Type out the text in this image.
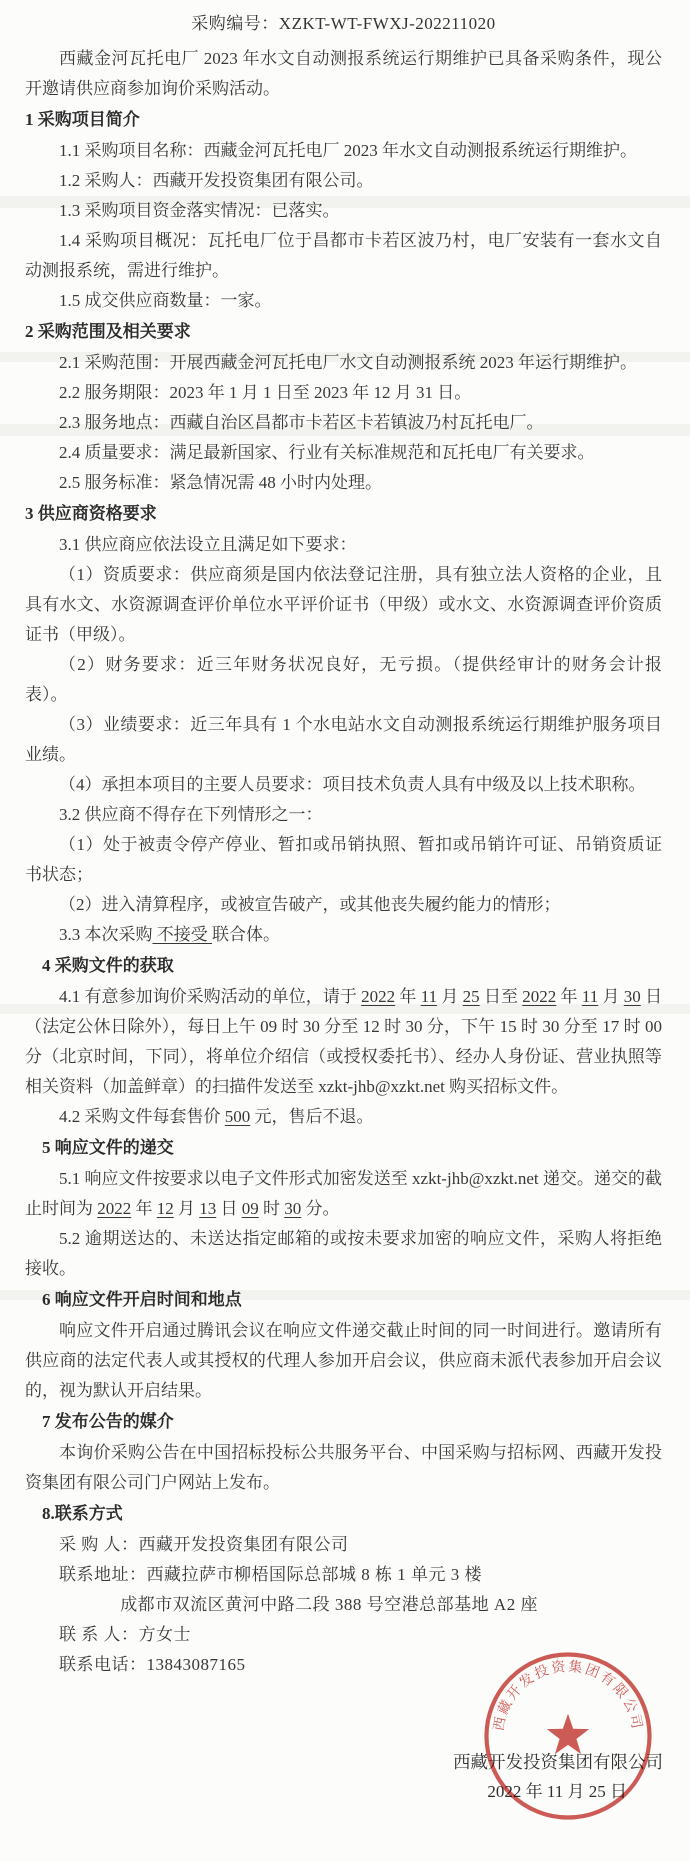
采购编号：XZKT-WT-FWXJ-202211020
西藏金河瓦托电厂 2023 年水文自动测报系统运行期维护已具备采购条件，现公开邀请供应商参加询价采购活动。
1 采购项目简介
1.1 采购项目名称：西藏金河瓦托电厂 2023 年水文自动测报系统运行期维护。
1.2 采购人：西藏开发投资集团有限公司。
1.3 采购项目资金落实情况：已落实。
1.4 采购项目概况：瓦托电厂位于昌都市卡若区波乃村，电厂安装有一套水文自动测报系统，需进行维护。
1.5 成交供应商数量：一家。
2 采购范围及相关要求
2.1 采购范围：开展西藏金河瓦托电厂水文自动测报系统 2023 年运行期维护。
2.2 服务期限：2023 年 1 月 1 日至 2023 年 12 月 31 日。
2.3 服务地点：西藏自治区昌都市卡若区卡若镇波乃村瓦托电厂。
2.4 质量要求：满足最新国家、行业有关标准规范和瓦托电厂有关要求。
2.5 服务标准：紧急情况需 48 小时内处理。
3 供应商资格要求
3.1 供应商应依法设立且满足如下要求：
（1）资质要求：供应商须是国内依法登记注册，具有独立法人资格的企业，且具有水文、水资源调查评价单位水平评价证书（甲级）或水文、水资源调查评价资质证书（甲级）。
（2）财务要求：近三年财务状况良好，无亏损。（提供经审计的财务会计报表）。
（3）业绩要求：近三年具有 1 个水电站水文自动测报系统运行期维护服务项目业绩。
（4）承担本项目的主要人员要求：项目技术负责人具有中级及以上技术职称。
3.2 供应商不得存在下列情形之一：
（1）处于被责令停产停业、暂扣或吊销执照、暂扣或吊销许可证、吊销资质证书状态；
（2）进入清算程序，或被宣告破产，或其他丧失履约能力的情形；
3.3 本次采购 不接受 联合体。
4 采购文件的获取
4.1 有意参加询价采购活动的单位，请于 2022 年 11 月 25 日至 2022 年 11 月 30 日（法定公休日除外），每日上午 09 时 30 分至 12 时 30 分，下午 15 时 30 分至 17 时 00 分（北京时间，下同），将单位介绍信（或授权委托书）、经办人身份证、营业执照等相关资料（加盖鲜章）的扫描件发送至 xzkt-jhb@xzkt.net 购买招标文件。
4.2 采购文件每套售价 500 元，售后不退。
5 响应文件的递交
5.1 响应文件按要求以电子文件形式加密发送至 xzkt-jhb@xzkt.net 递交。递交的截止时间为 2022 年 12 月 13 日 09 时 30 分。
5.2 逾期送达的、未送达指定邮箱的或按未要求加密的响应文件，采购人将拒绝接收。
6 响应文件开启时间和地点
响应文件开启通过腾讯会议在响应文件递交截止时间的同一时间进行。邀请所有供应商的法定代表人或其授权的代理人参加开启会议，供应商未派代表参加开启会议的，视为默认开启结果。
7 发布公告的媒介
本询价采购公告在中国招标投标公共服务平台、中国采购与招标网、西藏开发投资集团有限公司门户网站上发布。
8.联系方式
采 购 人：西藏开发投资集团有限公司
联系地址：西藏拉萨市柳梧国际总部城 8 栋 1 单元 3 楼
成都市双流区黄河中路二段 388 号空港总部基地 A2 座
联 系 人：方女士
联系电话：13843087165
西藏开发投资集团有限公司
2022 年 11 月 25 日
西藏开发投资集团有限公司
